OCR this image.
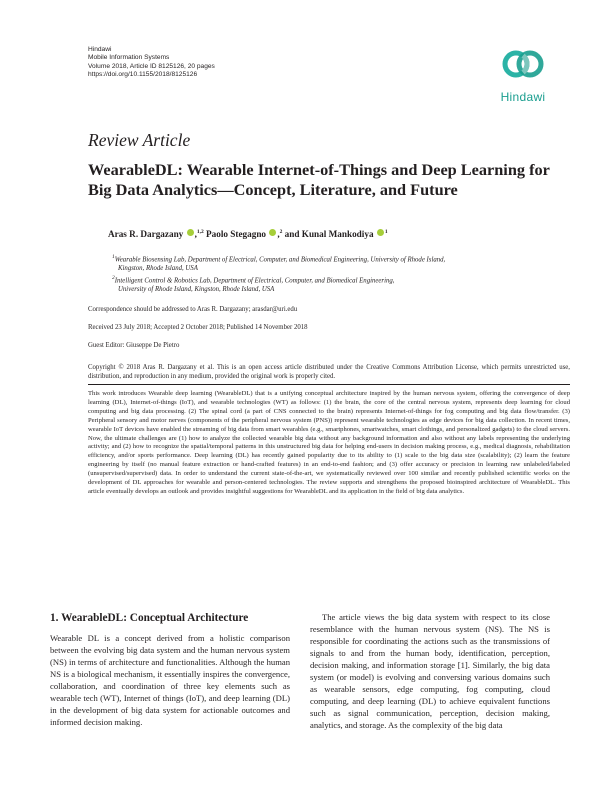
Hindawi
Mobile Information Systems
Volume 2018, Article ID 8125126, 20 pages
https://doi.org/10.1155/2018/8125126
Hindawi
Review Article
WearableDL: Wearable Internet-of-Things and Deep Learning for Big Data Analytics—Concept, Literature, and Future
Aras R. Dargazany ,$^{1,2}$ Paolo Stegagno ,$^2$ and Kunal Mankodiya $^1$
$^1$Wearable Biosensing Lab, Department of Electrical, Computer, and Biomedical Engineering, University of Rhode Island,
Kingston, Rhode Island, USA
$^2$Intelligent Control & Robotics Lab, Department of Electrical, Computer, and Biomedical Engineering,
University of Rhode Island, Kingston, Rhode Island, USA
Correspondence should be addressed to Aras R. Dargazany; arasdar@uri.edu
Received 23 July 2018; Accepted 2 October 2018; Published 14 November 2018
Guest Editor: Giuseppe De Pietro
Copyright © 2018 Aras R. Dargazany et al. This is an open access article distributed under the Creative Commons Attribution License, which permits unrestricted use, distribution, and reproduction in any medium, provided the original work is properly cited.
This work introduces Wearable deep learning (WearableDL) that is a unifying conceptual architecture inspired by the human nervous system, offering the convergence of deep learning (DL), Internet-of-things (IoT), and wearable technologies (WT) as follows: (1) the brain, the core of the central nervous system, represents deep learning for cloud computing and big data processing. (2) The spinal cord (a part of CNS connected to the brain) represents Internet-of-things for fog computing and big data flow/transfer. (3) Peripheral sensory and motor nerves (components of the peripheral nervous system (PNS)) represent wearable technologies as edge devices for big data collection. In recent times, wearable IoT devices have enabled the streaming of big data from smart wearables (e.g., smartphones, smartwatches, smart clothings, and personalized gadgets) to the cloud servers. Now, the ultimate challenges are (1) how to analyze the collected wearable big data without any background information and also without any labels representing the underlying activity; and (2) how to recognize the spatial/temporal patterns in this unstructured big data for helping end-users in decision making process, e.g., medical diagnosis, rehabilitation efficiency, and/or sports performance. Deep learning (DL) has recently gained popularity due to its ability to (1) scale to the big data size (scalability); (2) learn the feature engineering by itself (no manual feature extraction or hand-crafted features) in an end-to-end fashion; and (3) offer accuracy or precision in learning raw unlabeled/labeled (unsupervised/supervised) data. In order to understand the current state-of-the-art, we systematically reviewed over 100 similar and recently published scientific works on the development of DL approaches for wearable and person-centered technologies. The review supports and strengthens the proposed bioinspired architecture of WearableDL. This article eventually develops an outlook and provides insightful suggestions for WearableDL and its application in the field of big data analytics.
1. WearableDL: Conceptual Architecture
Wearable DL is a concept derived from a holistic comparison between the evolving big data system and the human nervous system (NS) in terms of architecture and functionalities. Although the human NS is a biological mechanism, it essentially inspires the convergence, collaboration, and coordination of three key elements such as wearable tech (WT), Internet of things (IoT), and deep learning (DL) in the development of big data system for actionable outcomes and informed decision making.
The article views the big data system with respect to its close resemblance with the human nervous system (NS). The NS is responsible for coordinating the actions such as the transmissions of signals to and from the human body, identification, perception, decision making, and information storage [1]. Similarly, the big data system (or model) is evolving and conversing various domains such as wearable sensors, edge computing, fog computing, cloud computing, and deep learning (DL) to achieve equivalent functions such as signal communication, perception, decision making, analytics, and storage. As the complexity of the big data
